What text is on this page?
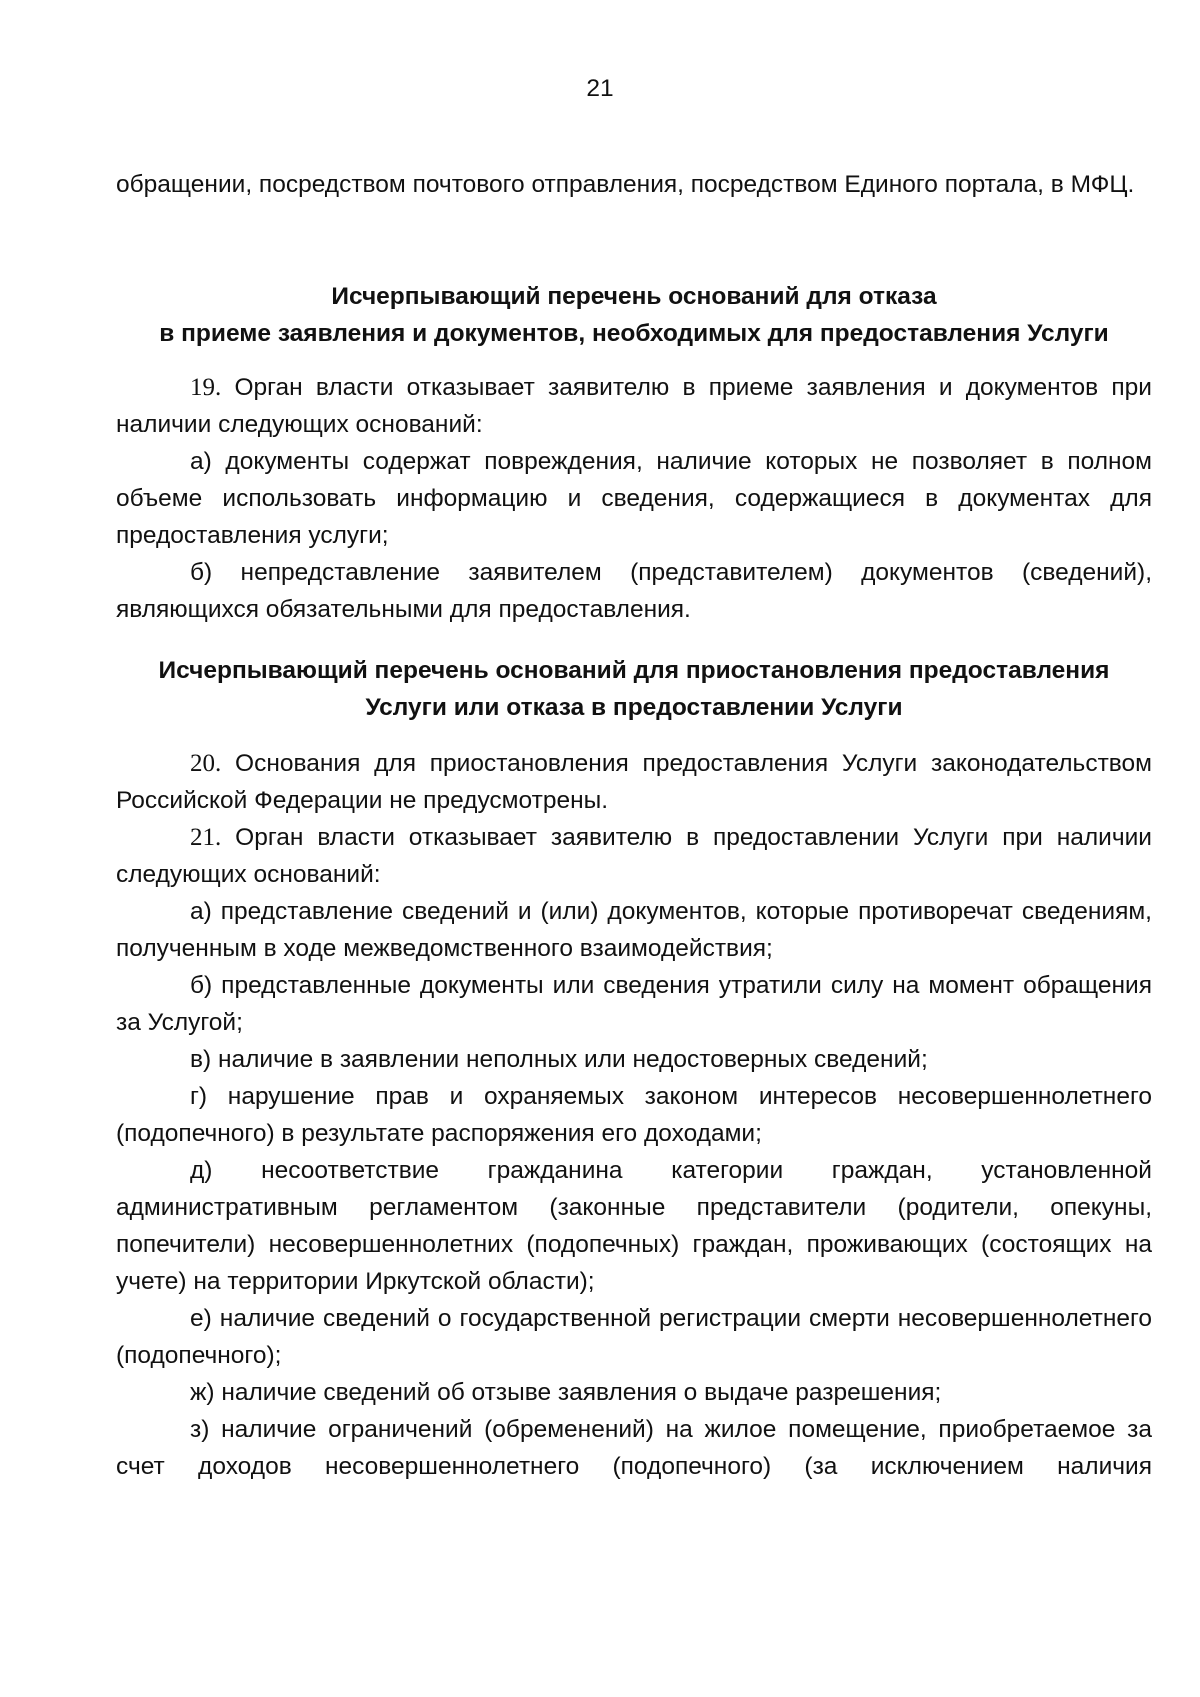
21

обращении, посредством почтового отправления, посредством Единого портала, в МФЦ.

Исчерпывающий перечень оснований для отказа

в приеме заявления и документов, необходимых для предоставления Услуги

19. Орган власти отказывает заявителю в приеме заявления и документов при наличии следующих оснований:

а) документы содержат повреждения, наличие которых не позволяет в полном объеме использовать информацию и сведения, содержащиеся в документах для предоставления услуги;

б) непредставление заявителем (представителем) документов (сведений), являющихся обязательными для предоставления.

Исчерпывающий перечень оснований для приостановления предоставления

Услуги или отказа в предоставлении Услуги

20. Основания для приостановления предоставления Услуги законодательством Российской Федерации не предусмотрены.

21. Орган власти отказывает заявителю в предоставлении Услуги при наличии следующих оснований:

а) представление сведений и (или) документов, которые противоречат сведениям, полученным в ходе межведомственного взаимодействия;

б) представленные документы или сведения утратили силу на момент обращения за Услугой;

в) наличие в заявлении неполных или недостоверных сведений;

г) нарушение прав и охраняемых законом интересов несовершеннолетнего (подопечного) в результате распоряжения его доходами;

д) несоответствие гражданина категории граждан, установленной административным регламентом (законные представители (родители, опекуны, попечители) несовершеннолетних (подопечных) граждан, проживающих (состоящих на учете) на территории Иркутской области);

е) наличие сведений о государственной регистрации смерти несовершеннолетнего (подопечного);

ж) наличие сведений об отзыве заявления о выдаче разрешения;

з) наличие ограничений (обременений) на жилое помещение, приобретаемое за счет доходов несовершеннолетнего (подопечного) (за исключением наличия
